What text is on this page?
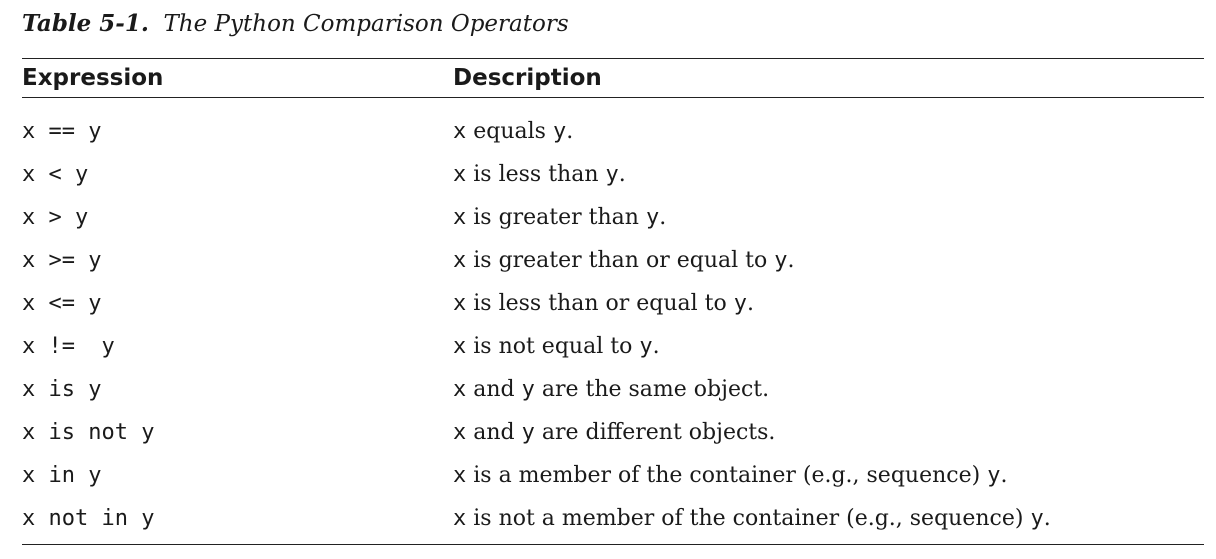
Table 5-1. The Python Comparison Operators
Expression	Description
x == y	x equals y.
x < y	x is less than y.
x > y	x is greater than y.
x >= y	x is greater than or equal to y.
x <= y	x is less than or equal to y.
x !=  y	x is not equal to y.
x is y	x and y are the same object.
x is not y	x and y are different objects.
x in y	x is a member of the container (e.g., sequence) y.
x not in y	x is not a member of the container (e.g., sequence) y.
